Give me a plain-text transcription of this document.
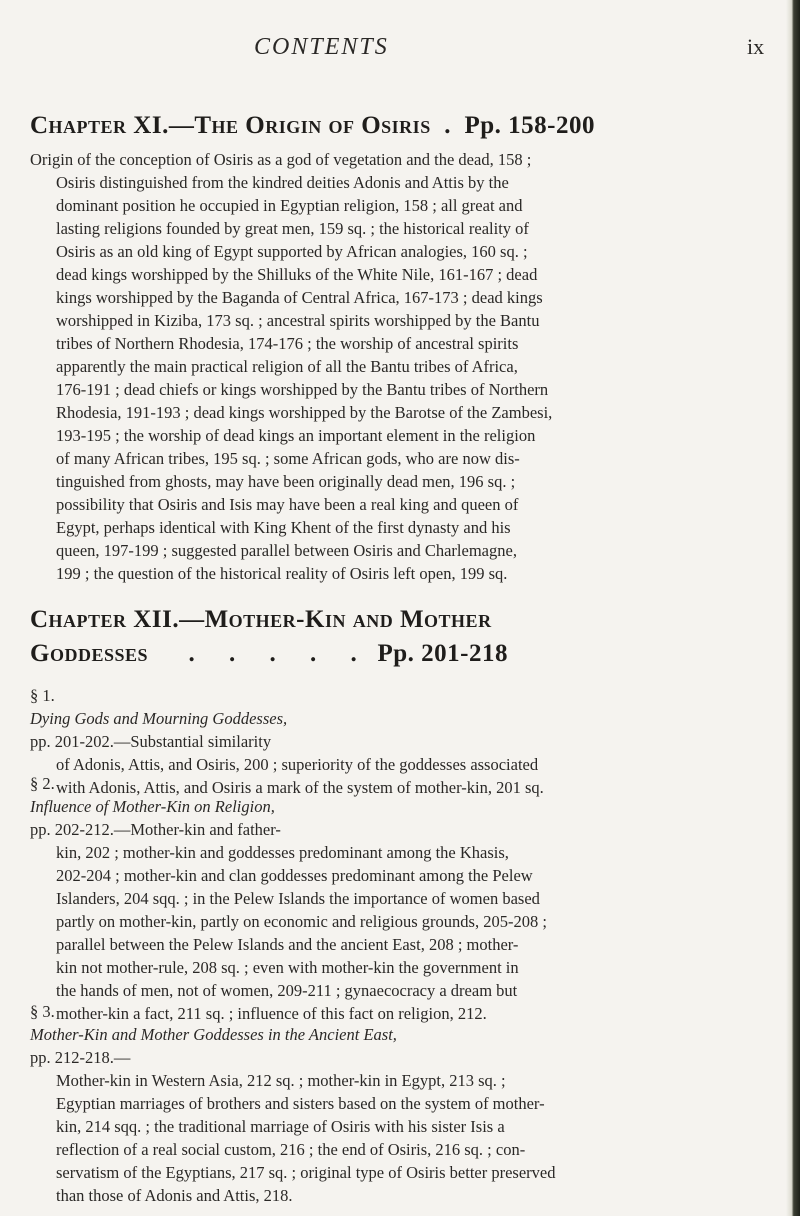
CONTENTS	ix
Chapter XI.—The Origin of Osiris  .  Pp. 158-200
Origin of the conception of Osiris as a god of vegetation and the dead, 158 ;
Osiris distinguished from the kindred deities Adonis and Attis by the
dominant position he occupied in Egyptian religion, 158 ; all great and
lasting religions founded by great men, 159 sq. ; the historical reality of
Osiris as an old king of Egypt supported by African analogies, 160 sq. ;
dead kings worshipped by the Shilluks of the White Nile, 161-167 ; dead
kings worshipped by the Baganda of Central Africa, 167-173 ; dead kings
worshipped in Kiziba, 173 sq. ; ancestral spirits worshipped by the Bantu
tribes of Northern Rhodesia, 174-176 ; the worship of ancestral spirits
apparently the main practical religion of all the Bantu tribes of Africa,
176-191 ; dead chiefs or kings worshipped by the Bantu tribes of Northern
Rhodesia, 191-193 ; dead kings worshipped by the Barotse of the Zambesi,
193-195 ; the worship of dead kings an important element in the religion
of many African tribes, 195 sq. ; some African gods, who are now dis-
tinguished from ghosts, may have been originally dead men, 196 sq. ;
possibility that Osiris and Isis may have been a real king and queen of
Egypt, perhaps identical with King Khent of the first dynasty and his
queen, 197-199 ; suggested parallel between Osiris and Charlemagne,
199 ; the question of the historical reality of Osiris left open, 199 sq.
Chapter XII.—Mother-Kin and Mother
Goddesses . . . . . Pp. 201-218
§ 1.
Dying Gods and Mourning Goddesses,
pp. 201-202.—Substantial similarity
of Adonis, Attis, and Osiris, 200 ; superiority of the goddesses associated
with Adonis, Attis, and Osiris a mark of the system of mother-kin, 201 sq.
§ 2.
Influence of Mother-Kin on Religion,
pp. 202-212.—Mother-kin and father-
kin, 202 ; mother-kin and goddesses predominant among the Khasis,
202-204 ; mother-kin and clan goddesses predominant among the Pelew
Islanders, 204 sqq. ; in the Pelew Islands the importance of women based
partly on mother-kin, partly on economic and religious grounds, 205-208 ;
parallel between the Pelew Islands and the ancient East, 208 ; mother-
kin not mother-rule, 208 sq. ; even with mother-kin the government in
the hands of men, not of women, 209-211 ; gynaecocracy a dream but
mother-kin a fact, 211 sq. ; influence of this fact on religion, 212.
§ 3.
Mother-Kin and Mother Goddesses in the Ancient East,
pp. 212-218.—
Mother-kin in Western Asia, 212 sq. ; mother-kin in Egypt, 213 sq. ;
Egyptian marriages of brothers and sisters based on the system of mother-
kin, 214 sqq. ; the traditional marriage of Osiris with his sister Isis a
reflection of a real social custom, 216 ; the end of Osiris, 216 sq. ; con-
servatism of the Egyptians, 217 sq. ; original type of Osiris better preserved
than those of Adonis and Attis, 218.
